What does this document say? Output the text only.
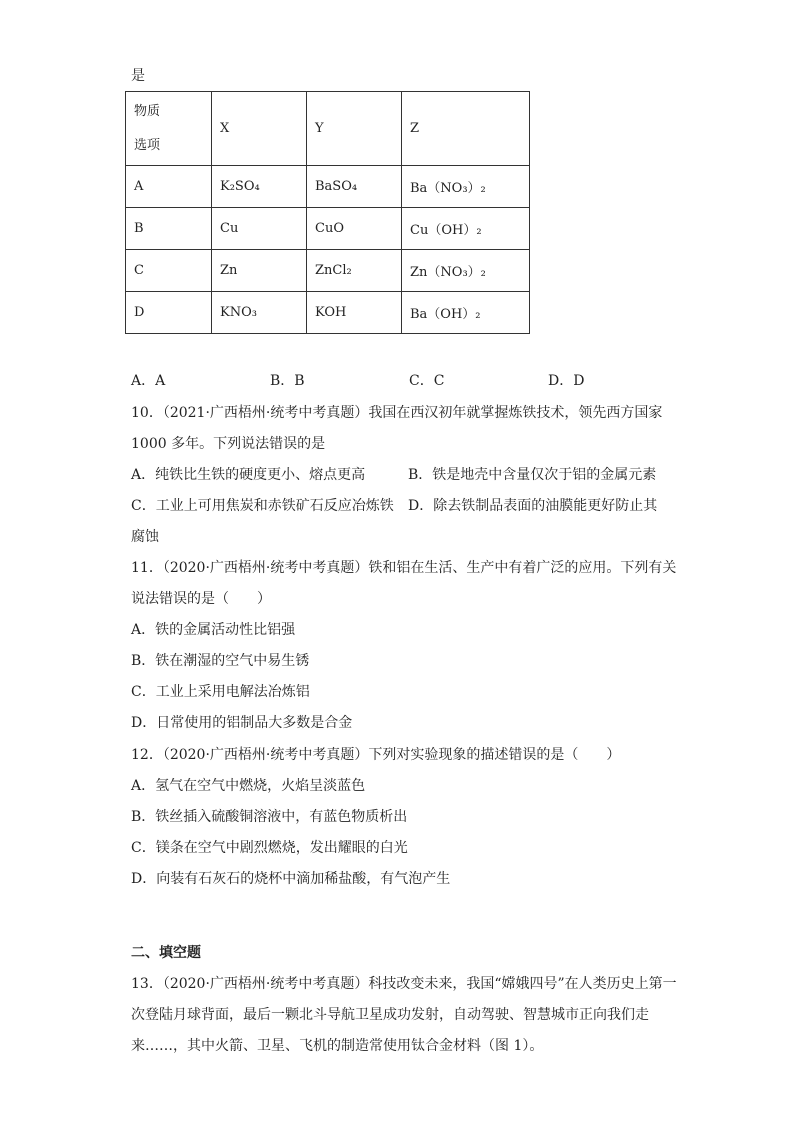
是
物质
选项	X	Y	Z
A	K₂SO₄	BaSO₄	Ba（NO₃）₂
B	Cu	CuO	Cu（OH）₂
C	Zn	ZnCl₂	Zn（NO₃）₂
D	KNO₃	KOH	Ba（OH）₂
A．A	B．B	C．C	D．D
10．（2021·广西梧州·统考中考真题）我国在西汉初年就掌握炼铁技术，领先西方国家
1000 多年。下列说法错误的是
A．纯铁比生铁的硬度更小、熔点更高	B．铁是地壳中含量仅次于铝的金属元素
C．工业上可用焦炭和赤铁矿石反应冶炼铁 D．除去铁制品表面的油膜能更好防止其
腐蚀
11．（2020·广西梧州·统考中考真题）铁和铝在生活、生产中有着广泛的应用。下列有关
说法错误的是（　　）
A．铁的金属活动性比铝强
B．铁在潮湿的空气中易生锈
C．工业上采用电解法冶炼铝
D．日常使用的铝制品大多数是合金
12．（2020·广西梧州·统考中考真题）下列对实验现象的描述错误的是（　　）
A．氢气在空气中燃烧，火焰呈淡蓝色
B．铁丝插入硫酸铜溶液中，有蓝色物质析出
C．镁条在空气中剧烈燃烧，发出耀眼的白光
D．向装有石灰石的烧杯中滴加稀盐酸，有气泡产生
二、填空题
13．（2020·广西梧州·统考中考真题）科技改变未来，我国“嫦娥四号”在人类历史上第一
次登陆月球背面，最后一颗北斗导航卫星成功发射，自动驾驶、智慧城市正向我们走
来……，其中火箭、卫星、飞机的制造常使用钛合金材料（图 1）。
